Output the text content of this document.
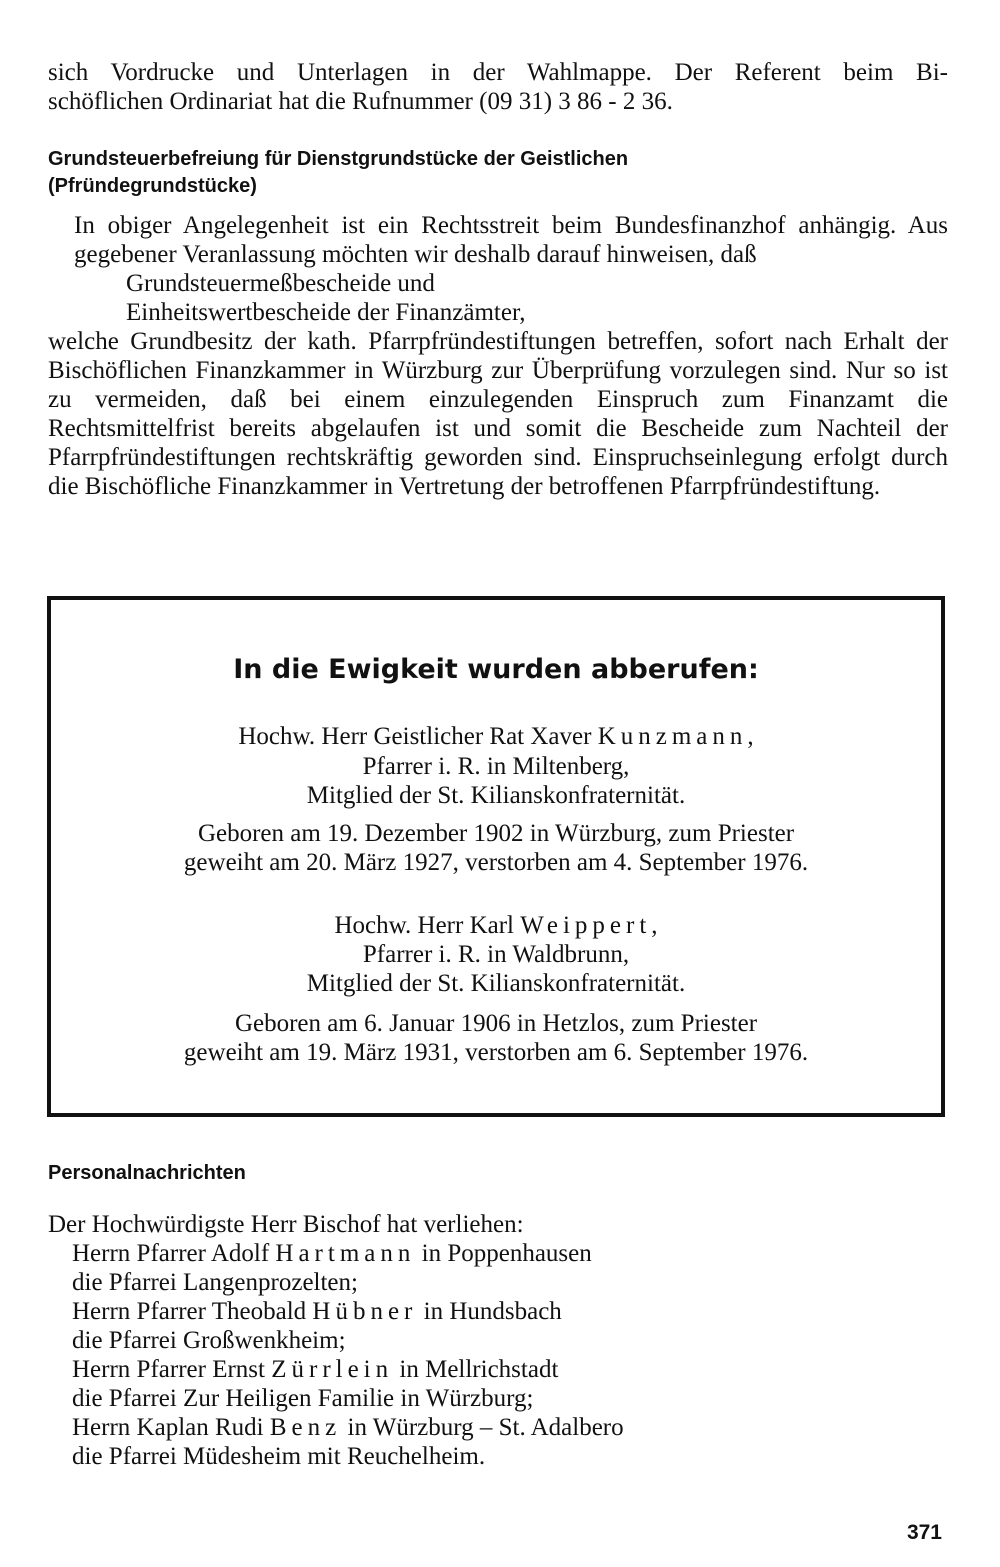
sich Vordrucke und Unterlagen in der Wahlmappe. Der Referent beim Bi-

schöflichen Ordinariat hat die Rufnummer (09 31) 3 86 - 2 36.

Grundsteuerbefreiung für Dienstgrundstücke der Geistlichen

(Pfründegrundstücke)

In obiger Angelegenheit ist ein Rechtsstreit beim Bundesfinanzhof anhängig. Aus gegebener Veranlassung möchten wir deshalb darauf hinweisen, daß

Grundsteuermeßbescheide und

Einheitswertbescheide der Finanzämter,

welche Grundbesitz der kath. Pfarrpfründestiftungen betreffen, sofort nach Erhalt der Bischöflichen Finanzkammer in Würzburg zur Überprüfung vorzulegen sind. Nur so ist zu vermeiden, daß bei einem einzulegenden Einspruch zum Finanzamt die Rechtsmittelfrist bereits abgelaufen ist und somit die Bescheide zum Nachteil der Pfarrpfründestiftungen rechtskräftig geworden sind. Einspruchseinlegung erfolgt durch die Bischöfliche Finanzkammer in Vertretung der betroffenen Pfarrpfründestiftung.

In die Ewigkeit wurden abberufen:

Hochw. Herr Geistlicher Rat Xaver Kunzmann,

Pfarrer i. R. in Miltenberg,

Mitglied der St. Kilianskonfraternität.

Geboren am 19. Dezember 1902 in Würzburg, zum Priester

geweiht am 20. März 1927, verstorben am 4. September 1976.

Hochw. Herr Karl Weippert,

Pfarrer i. R. in Waldbrunn,

Mitglied der St. Kilianskonfraternität.

Geboren am 6. Januar 1906 in Hetzlos, zum Priester

geweiht am 19. März 1931, verstorben am 6. September 1976.

Personalnachrichten

Der Hochwürdigste Herr Bischof hat verliehen:

Herrn Pfarrer Adolf Hartmann in Poppenhausen

die Pfarrei Langenprozelten;

Herrn Pfarrer Theobald Hübner in Hundsbach

die Pfarrei Großwenkheim;

Herrn Pfarrer Ernst Zürrlein in Mellrichstadt

die Pfarrei Zur Heiligen Familie in Würzburg;

Herrn Kaplan Rudi Benz in Würzburg – St. Adalbero

die Pfarrei Müdesheim mit Reuchelheim.

371
